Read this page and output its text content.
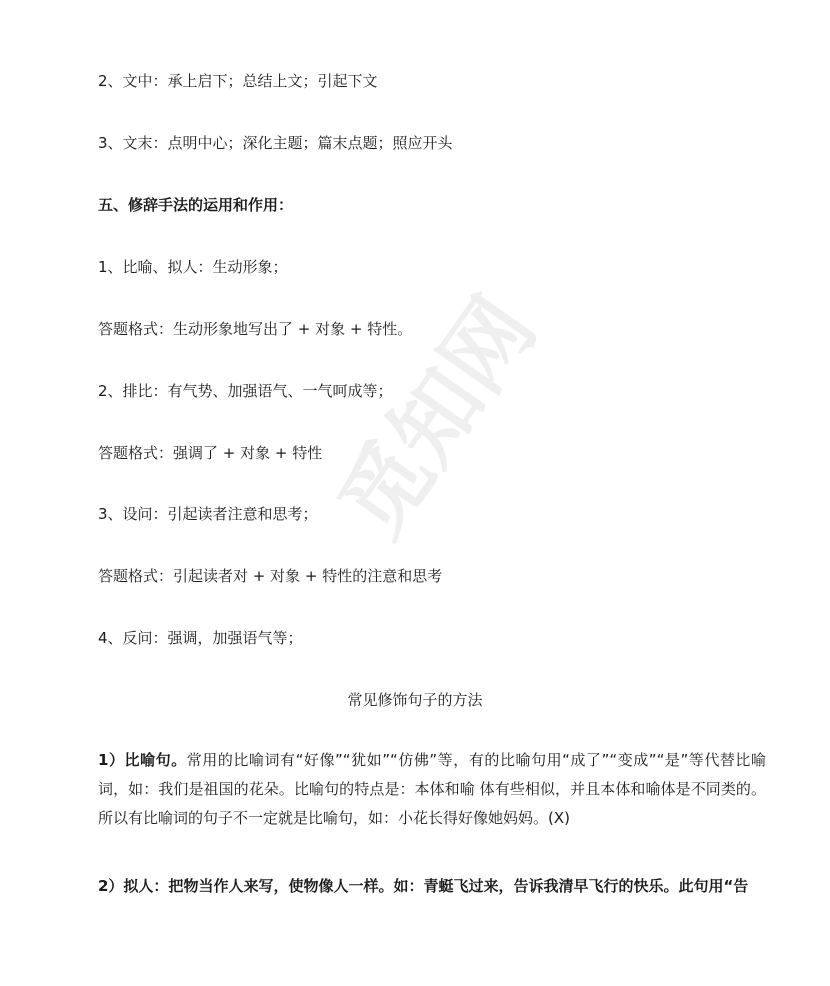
觅知网
2、文中：承上启下；总结上文；引起下文
3、文末：点明中心；深化主题；篇末点题；照应开头
五、修辞手法的运用和作用：
1、比喻、拟人：生动形象；
答题格式：生动形象地写出了 + 对象 + 特性。
2、排比：有气势、加强语气、一气呵成等；
答题格式：强调了 + 对象 + 特性
3、设问：引起读者注意和思考；
答题格式：引起读者对 + 对象 + 特性的注意和思考
4、反问：强调，加强语气等；
常见修饰句子的方法
1）比喻句。常用的比喻词有“好像”“犹如”“仿佛”等，有的比喻句用“成了”“变成”“是”等代替比喻词，如：我们是祖国的花朵。比喻句的特点是：本体和喻 体有些相似，并且本体和喻体是不同类的。所以有比喻词的句子不一定就是比喻句，如：小花长得好像她妈妈。(X)
2）拟人：把物当作人来写，使物像人一样。如：青蜓飞过来，告诉我清早飞行的快乐。此句用“告
